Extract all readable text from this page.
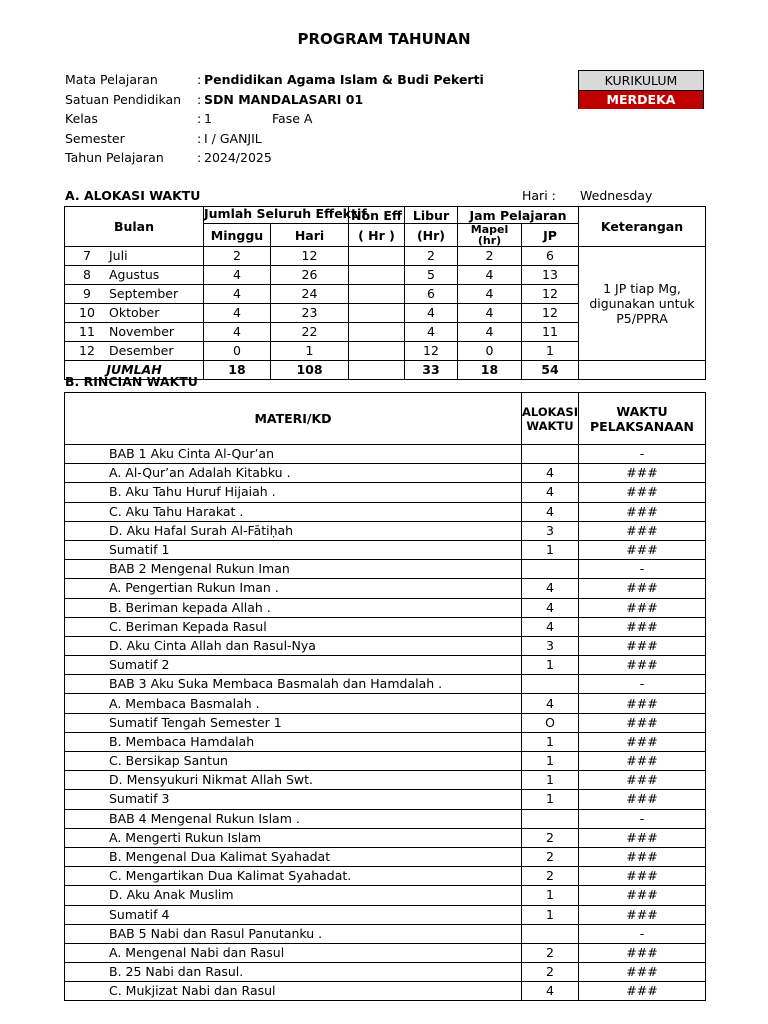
PROGRAM TAHUNAN
Mata Pelajaran	: Pendidikan Agama Islam & Budi Pekerti
Satuan Pendidikan : SDN MANDALASARI 01
Kelas	: 1
Semester	: I / GANJIL
Tahun Pelajaran	: 2024/2025
Fase A
KURIKULUM
MERDEKA
A. ALOKASI WAKTU	Hari : Wednesday
Bulan	Jumlah Seluruh Effektif		Non Eff	Libur	Jam Pelajaran		Keterangan
	Minggu	Hari	( Hr )	(Hr)	Mapel (hr)	JP	
7 Juli	2	12		2	2	6	1 JP tiap Mg, digunakan untuk P5/PPRA
8 Agustus	4	26		5	4	13	
9 September	4	24		6	4	12	
10 Oktober	4	23		4	4	12	
11 November	4	22		4	4	11	
12 Desember	0	1		12	0	1	
JUMLAH	18	108		33	18	54	
B. RINCIAN WAKTU
MATERI/KD	ALOKASI WAKTU	WAKTU PELAKSANAAN
BAB 1 Aku Cinta Al-Qur’an		-
A. Al-Qur’an Adalah Kitabku .	4	###
B. Aku Tahu Huruf Hijaiah .	4	###
C. Aku Tahu Harakat .	4	###
D. Aku Hafal Surah Al-Fātiḥah	3	###
Sumatif 1	1	###
BAB 2 Mengenal Rukun Iman		-
A. Pengertian Rukun Iman .	4	###
B. Beriman kepada Allah .	4	###
C. Beriman Kepada Rasul	4	###
D. Aku Cinta Allah dan Rasul-Nya	3	###
Sumatif 2	1	###
BAB 3 Aku Suka Membaca Basmalah dan Hamdalah .		-
A. Membaca Basmalah .	4	###
Sumatif Tengah Semester 1	O	###
B. Membaca Hamdalah	1	###
C. Bersikap Santun	1	###
D. Mensyukuri Nikmat Allah Swt.	1	###
Sumatif 3	1	###
BAB 4 Mengenal Rukun Islam .		-
A. Mengerti Rukun Islam	2	###
B. Mengenal Dua Kalimat Syahadat	2	###
C. Mengartikan Dua Kalimat Syahadat.	2	###
D. Aku Anak Muslim	1	###
Sumatif 4	1	###
BAB 5 Nabi dan Rasul Panutanku .		-
A. Mengenal Nabi dan Rasul	2	###
B. 25 Nabi dan Rasul.	2	###
C. Mukjizat Nabi dan Rasul	4	###
